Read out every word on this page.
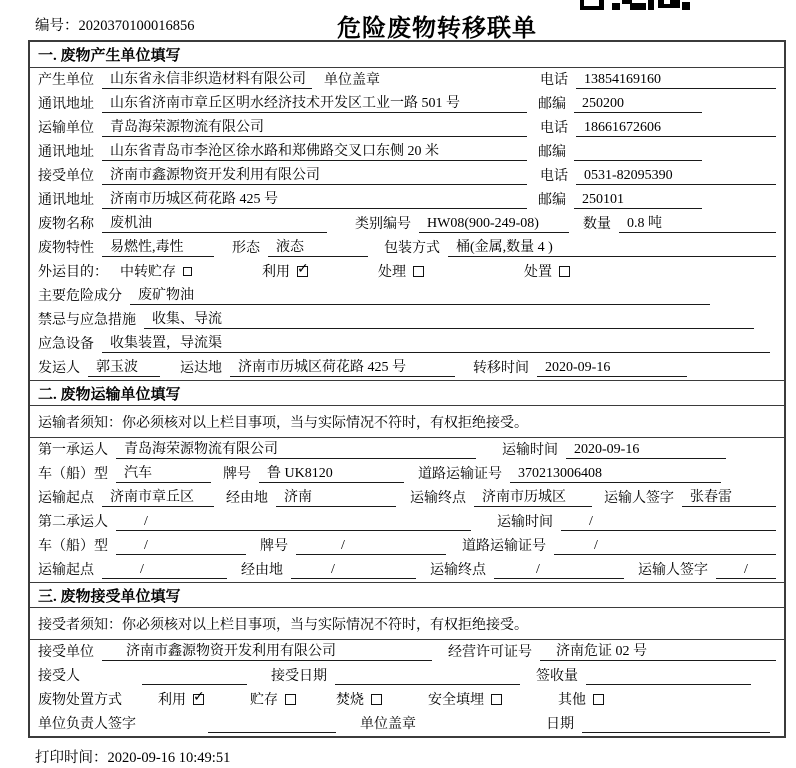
编号：2020370100016856	危险废物转移联单
一. 废物产生单位填写
产生单位	山东省永信非织造材料有限公司	单位盖章	电话	13854169160
通讯地址	山东省济南市章丘区明水经济技术开发区工业一路 501 号	邮编	250200
运输单位	青岛海荣源物流有限公司	电话	18661672606
通讯地址	山东省青岛市李沧区徐水路和郑佛路交叉口东侧 20 米	邮编
接受单位	济南市鑫源物资开发利用有限公司	电话	0531-82095390
通讯地址	济南市历城区荷花路 425 号	邮编	250101
废物名称	废机油	类别编号	HW08(900-249-08)	数量	0.8 吨
废物特性	易燃性,毒性	形态	液态	包装方式	桶(金属,数量 4 )
外运目的： 中转贮存	利用 ✓	处理	处置
主要危险成分	废矿物油
禁忌与应急措施	收集、导流
应急设备	收集装置，导流渠
发运人	郭玉波	运达地	济南市历城区荷花路 425 号	转移时间	2020-09-16
二. 废物运输单位填写
运输者须知：你必须核对以上栏目事项，当与实际情况不符时，有权拒绝接受。
第一承运人	青岛海荣源物流有限公司	运输时间	2020-09-16
车（船）型	汽车	牌号	鲁 UK8120	道路运输证号	370213006408
运输起点	济南市章丘区	经由地	济南	运输终点	济南市历城区	运输人签字	张春雷
第二承运人	/	运输时间	/
车（船）型	/	牌号	/	道路运输证号	/
运输起点	/	经由地	/	运输终点	/	运输人签字	/
三. 废物接受单位填写
接受者须知：你必须核对以上栏目事项，当与实际情况不符时，有权拒绝接受。
接受单位	济南市鑫源物资开发利用有限公司	经营许可证号	济南危证 02 号
接受人	接受日期	签收量
废物处置方式	利用 ✓	贮存	焚烧	安全填埋	其他
单位负责人签字	单位盖章	日期
打印时间：2020-09-16 10:49:51
